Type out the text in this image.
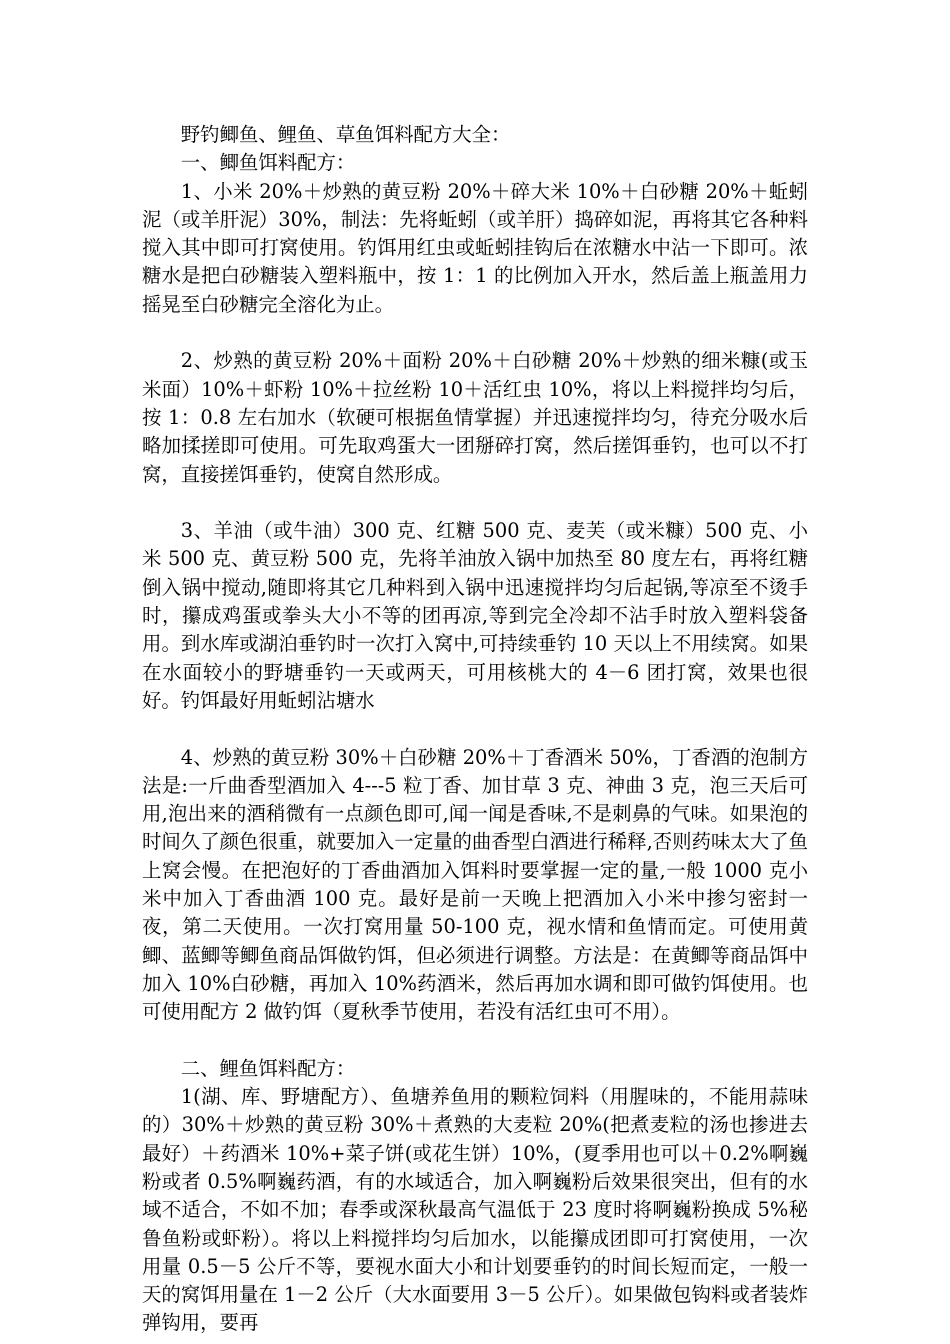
野钓鲫鱼、鲤鱼、草鱼饵料配方大全：

一、鲫鱼饵料配方：

1、小米 20%＋炒熟的黄豆粉 20%＋碎大米 10%＋白砂糖 20%＋蚯蚓泥（或羊肝泥）30%，制法：先将蚯蚓（或羊肝）捣碎如泥，再将其它各种料搅入其中即可打窝使用。钓饵用红虫或蚯蚓挂钩后在浓糖水中沾一下即可。浓糖水是把白砂糖装入塑料瓶中，按 1：1 的比例加入开水，然后盖上瓶盖用力摇晃至白砂糖完全溶化为止。

2、炒熟的黄豆粉 20%＋面粉 20%＋白砂糖 20%＋炒熟的细米糠(或玉米面）10%＋虾粉 10%＋拉丝粉 10＋活红虫 10%，将以上料搅拌均匀后，按 1：0.8 左右加水（软硬可根据鱼情掌握）并迅速搅拌均匀，待充分吸水后略加揉搓即可使用。可先取鸡蛋大一团掰碎打窝，然后搓饵垂钓，也可以不打窝，直接搓饵垂钓，使窝自然形成。

3、羊油（或牛油）300 克、红糖 500 克、麦芙（或米糠）500 克、小米 500 克、黄豆粉 500 克，先将羊油放入锅中加热至 80 度左右，再将红糖倒入锅中搅动,随即将其它几种料到入锅中迅速搅拌均匀后起锅,等凉至不烫手时，攥成鸡蛋或拳头大小不等的团再凉,等到完全冷却不沾手时放入塑料袋备用。到水库或湖泊垂钓时一次打入窝中,可持续垂钓 10 天以上不用续窝。如果在水面较小的野塘垂钓一天或两天，可用核桃大的 4－6 团打窝，效果也很好。钓饵最好用蚯蚓沾塘水

4、炒熟的黄豆粉 30%＋白砂糖 20%＋丁香酒米 50%，丁香酒的泡制方法是:一斤曲香型酒加入 4---5 粒丁香、加甘草 3 克、神曲 3 克，泡三天后可用,泡出来的酒稍微有一点颜色即可,闻一闻是香味,不是刺鼻的气味。如果泡的时间久了颜色很重，就要加入一定量的曲香型白酒进行稀释,否则药味太大了鱼上窝会慢。在把泡好的丁香曲酒加入饵料时要掌握一定的量,一般 1000 克小米中加入丁香曲酒 100 克。最好是前一天晚上把酒加入小米中掺匀密封一夜，第二天使用。一次打窝用量 50-100 克，视水情和鱼情而定。可使用黄鲫、蓝鲫等鲫鱼商品饵做钓饵，但必须进行调整。方法是：在黄鲫等商品饵中加入 10%白砂糖，再加入 10%药酒米，然后再加水调和即可做钓饵使用。也可使用配方 2 做钓饵（夏秋季节使用，若没有活红虫可不用）。

二、鲤鱼饵料配方：

1(湖、库、野塘配方）、鱼塘养鱼用的颗粒饲料（用腥味的，不能用蒜味的）30%＋炒熟的黄豆粉 30%＋煮熟的大麦粒 20%(把煮麦粒的汤也掺进去最好）＋药酒米 10%+菜子饼(或花生饼）10%，(夏季用也可以＋0.2%啊巍粉或者 0.5%啊巍药酒，有的水域适合，加入啊巍粉后效果很突出，但有的水域不适合，不如不加；春季或深秋最高气温低于 23 度时将啊巍粉换成 5%秘鲁鱼粉或虾粉）。将以上料搅拌均匀后加水，以能攥成团即可打窝使用，一次用量 0.5－5 公斤不等，要视水面大小和计划要垂钓的时间长短而定，一般一天的窝饵用量在 1－2 公斤（大水面要用 3－5 公斤）。如果做包钩料或者装炸弹钩用，要再
